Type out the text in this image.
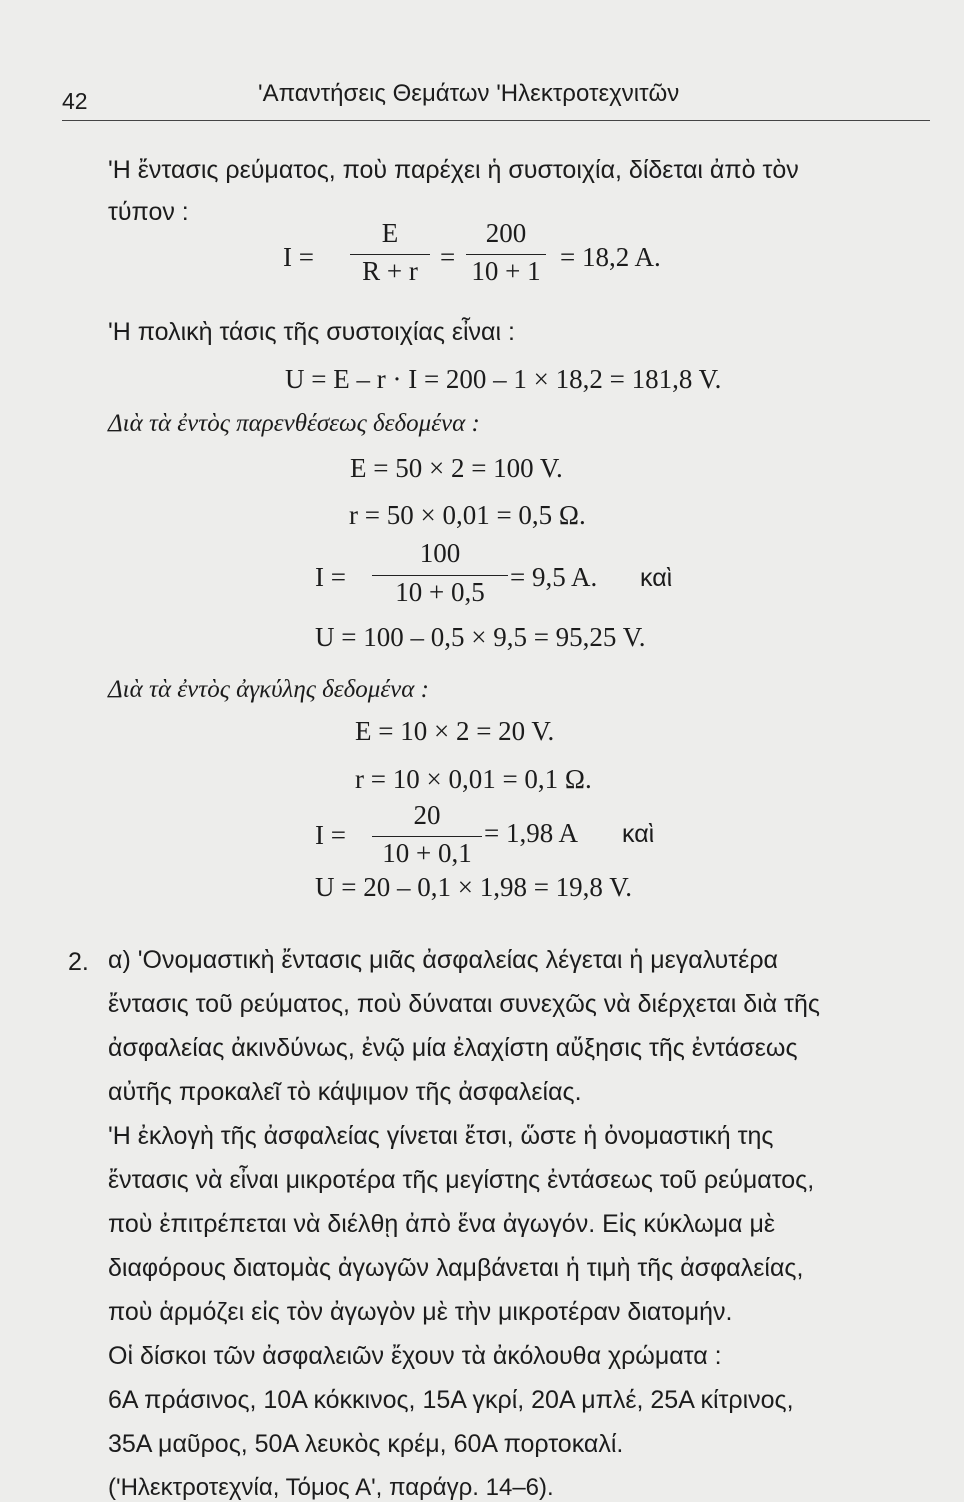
42	'Απαντήσεις Θεμάτων 'Ηλεκτροτεχνιτῶν
'Η ἔντασις ρεύματος, ποὺ παρέχει ἡ συστοιχία, δίδεται ἀπὸ τὸν
τύπον :
I =
E
R + r =
200
10 + 1 = 18,2 A.
'Η πολικὴ τάσις τῆς συστοιχίας εἶναι :
U = E – r · I = 200 – 1 × 18,2 = 181,8 V.
Διὰ τὰ ἐντὸς παρενθέσεως δεδομένα :
E = 50 × 2 = 100 V.
r = 50 × 0,01 = 0,5 Ω.
I =
100
10 + 0,5 = 9,5 A. καὶ
U = 100 – 0,5 × 9,5 = 95,25 V.
Διὰ τὰ ἐντὸς ἀγκύλης δεδομένα :
E = 10 × 2 = 20 V.
r = 10 × 0,01 = 0,1 Ω.
I =
20
10 + 0,1
= 1,98 A καὶ
U = 20 – 0,1 × 1,98 = 19,8 V.
2. α) 'Ονομαστικὴ ἔντασις μιᾶς ἀσφαλείας λέγεται ἡ μεγαλυτέρα
ἔντασις τοῦ ρεύματος, ποὺ δύναται συνεχῶς νὰ διέρχεται διὰ τῆς
ἀσφαλείας ἀκινδύνως, ἐνῷ μία ἐλαχίστη αὔξησις τῆς ἐντάσεως
αὐτῆς προκαλεῖ τὸ κάψιμον τῆς ἀσφαλείας.
'Η ἐκλογὴ τῆς ἀσφαλείας γίνεται ἔτσι, ὥστε ἡ ὀνομαστική της
ἔντασις νὰ εἶναι μικροτέρα τῆς μεγίστης ἐντάσεως τοῦ ρεύματος,
ποὺ ἐπιτρέπεται νὰ διέλθῃ ἀπὸ ἕνα ἀγωγόν. Εἰς κύκλωμα μὲ
διαφόρους διατομὰς ἀγωγῶν λαμβάνεται ἡ τιμὴ τῆς ἀσφαλείας,
ποὺ ἁρμόζει εἰς τὸν ἀγωγὸν μὲ τὴν μικροτέραν διατομήν.
Οἱ δίσκοι τῶν ἀσφαλειῶν ἔχουν τὰ ἀκόλουθα χρώματα :
6A πράσινος, 10A κόκκινος, 15A γκρί, 20A μπλέ, 25A κίτρινος,
35A μαῦρος, 50A λευκὸς κρέμ, 60A πορτοκαλί.
('Ηλεκτροτεχνία, Τόμος Α', παράγρ. 14–6).
